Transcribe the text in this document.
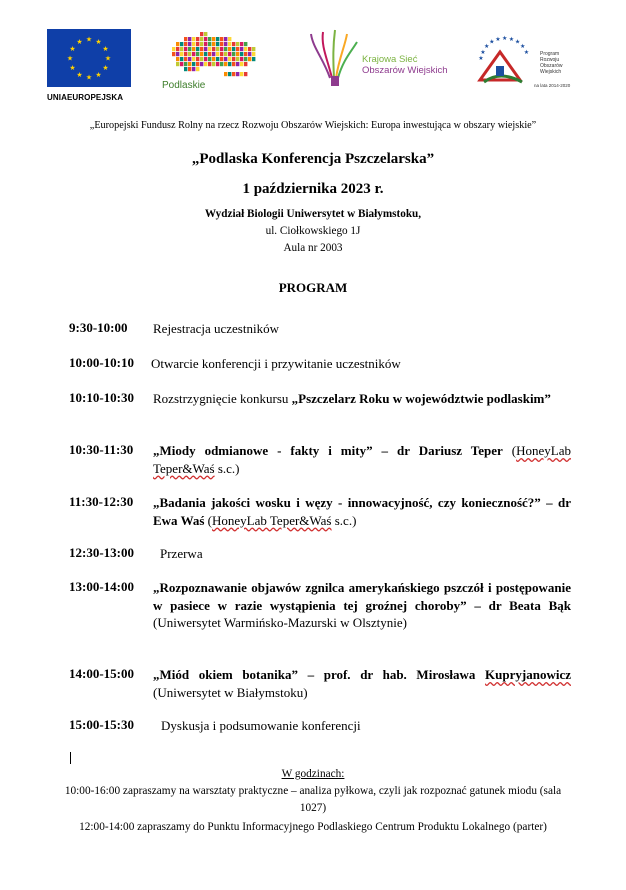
★
★
★
★
★
★
★
★
★ ★ ★
★
UNIAEUROPEJSKA
Podlaskie
Krajowa Sieć
Obszarów Wiejskich
★
★
★
★ ★ ★ ★ ★
★
★ Program
Rozwoju
Obszarów
Wiejskich
na lata 2014-2020
„Europejski Fundusz Rolny na rzecz Rozwoju Obszarów Wiejskich: Europa inwestująca w obszary wiejskie”
„Podlaska Konferencja Pszczelarska”
1 października 2023 r.
Wydział Biologii Uniwersytet w Białymstoku,
ul. Ciołkowskiego 1J
Aula nr 2003
PROGRAM
9:30-10:00 Rejestracja uczestników
10:00-10:10 Otwarcie konferencji i przywitanie uczestników
10:10-10:30 Rozstrzygnięcie konkursu „Pszczelarz Roku w województwie podlaskim”
10:30-11:30 „Miody odmianowe - fakty i mity” – dr Dariusz Teper (HoneyLab Teper&Waś s.c.)
11:30-12:30 „Badania jakości wosku i węzy - innowacyjność, czy konieczność?” – dr Ewa Waś (HoneyLab Teper&Waś s.c.)
12:30-13:00 Przerwa
13:00-14:00 „Rozpoznawanie objawów zgnilca amerykańskiego pszczół i postępowanie w pasiece w razie wystąpienia tej groźnej choroby” – dr Beata Bąk (Uniwersytet Warmińsko-Mazurski w Olsztynie)
14:00-15:00 „Miód okiem botanika” – prof. dr hab. Mirosława Kupryjanowicz (Uniwersytet w Białymstoku)
15:00-15:30 Dyskusja i podsumowanie konferencji
W godzinach:
10:00-16:00 zapraszamy na warsztaty praktyczne – analiza pyłkowa, czyli jak rozpoznać gatunek miodu (sala 1027)
12:00-14:00 zapraszamy do Punktu Informacyjnego Podlaskiego Centrum Produktu Lokalnego (parter)
